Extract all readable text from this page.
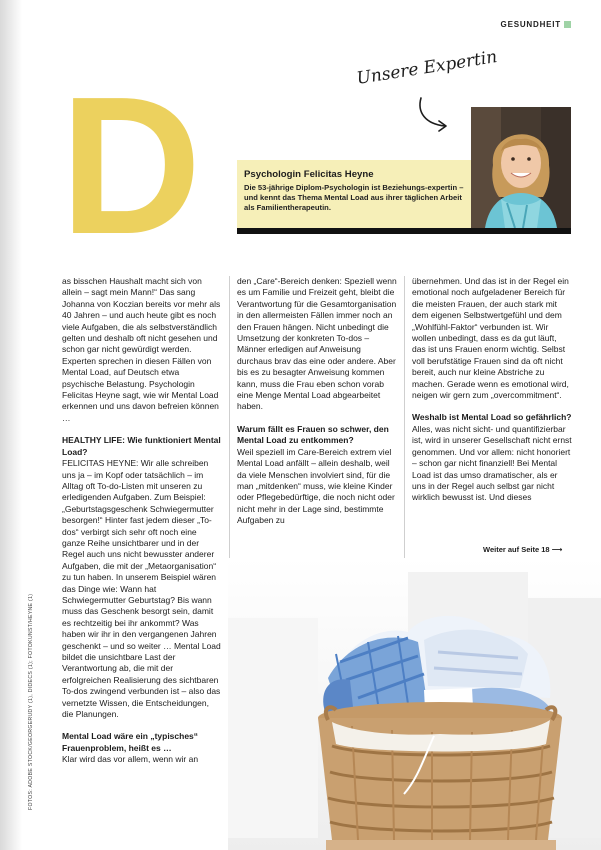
GESUNDHEIT
D	Unsere Expertin
Psychologin Felicitas Heyne
Die 53-jährige Diplom-Psychologin ist Beziehungs-expertin – und kennt das Thema Mental Load aus ihrer täglichen Arbeit als Familientherapeutin.

as bisschen Haushalt macht sich von allein – sagt mein Mann!“ Das sang Johanna von Koczian bereits vor mehr als 40 Jahren – und auch heute gibt es noch viele Aufgaben, die als selbstverständlich gelten und deshalb oft nicht gesehen und schon gar nicht gewürdigt werden. Experten sprechen in diesen Fällen von Mental Load, auf Deutsch etwa psychische Belastung. Psychologin Felicitas Heyne sagt, wie wir Mental Load erkennen und uns davon befreien können …

HEALTHY LIFE: Wie funktioniert Mental Load?

FELICITAS HEYNE: Wir alle schreiben uns ja – im Kopf oder tatsächlich – im Alltag oft To-do-Listen mit unseren zu erledigenden Aufgaben. Zum Beispiel: „Geburtstagsgeschenk Schwiegermutter besorgen!“ Hinter fast jedem dieser „To-dos“ verbirgt sich sehr oft noch eine ganze Reihe unsichtbarer und in der Regel auch uns nicht bewusster anderer Aufgaben, die mit der „Metaorganisation“ zu tun haben. In unserem Beispiel wären das Dinge wie: Wann hat Schwiegermutter Geburtstag? Bis wann muss das Geschenk besorgt sein, damit es rechtzeitig bei ihr ankommt? Was haben wir ihr in den vergangenen Jahren geschenkt – und so weiter … Mental Load bildet die unsichtbare Last der Verantwortung ab, die mit der erfolgreichen Realisierung des sichtbaren To-dos zwingend verbunden ist – also das vernetzte Wissen, die Entscheidungen, die Planungen.

Mental Load wäre ein „typisches“ Frauenproblem, heißt es …

Klar wird das vor allem, wenn wir an

den „Care“-Bereich denken: Speziell wenn es um Familie und Freizeit geht, bleibt die Verantwortung für die Gesamtorganisation in den allermeisten Fällen immer noch an den Frauen hängen. Nicht unbedingt die Umsetzung der konkreten To-dos – Männer erledigen auf Anweisung durchaus brav das eine oder andere. Aber bis es zu besagter Anweisung kommen kann, muss die Frau eben schon vorab eine Menge Mental Load abgearbeitet haben.

Warum fällt es Frauen so schwer, den Mental Load zu entkommen?

Weil speziell im Care-Bereich extrem viel Mental Load anfällt – allein deshalb, weil da viele Menschen involviert sind, für die man „mitdenken“ muss, wie kleine Kinder oder Pflegebedürftige, die noch nicht oder nicht mehr in der Lage sind, bestimmte Aufgaben zu

übernehmen. Und das ist in der Regel ein emotional noch aufgeladener Bereich für die meisten Frauen, der auch stark mit dem eigenen Selbstwertgefühl und dem „Wohlfühl-Faktor“ verbunden ist. Wir wollen unbedingt, dass es da gut läuft, das ist uns Frauen enorm wichtig. Selbst voll berufstätige Frauen sind da oft nicht bereit, auch nur kleine Abstriche zu machen. Gerade wenn es emotional wird, neigen wir gern zum „overcommitment“.

Weshalb ist Mental Load so gefährlich?

Alles, was nicht sicht- und quantifizierbar ist, wird in unserer Gesellschaft nicht ernst genommen. Und vor allem: nicht honoriert – schon gar nicht finanziell! Bei Mental Load ist das umso dramatischer, als er uns in der Regel auch selbst gar nicht wirklich bewusst ist. Und dieses

Weiter auf Seite 18 ⟶
FOTOS: ADOBE STOCK/GEORGERUDY (1), DIDECS (1); FOTOKUNST/HEYNE (1)
